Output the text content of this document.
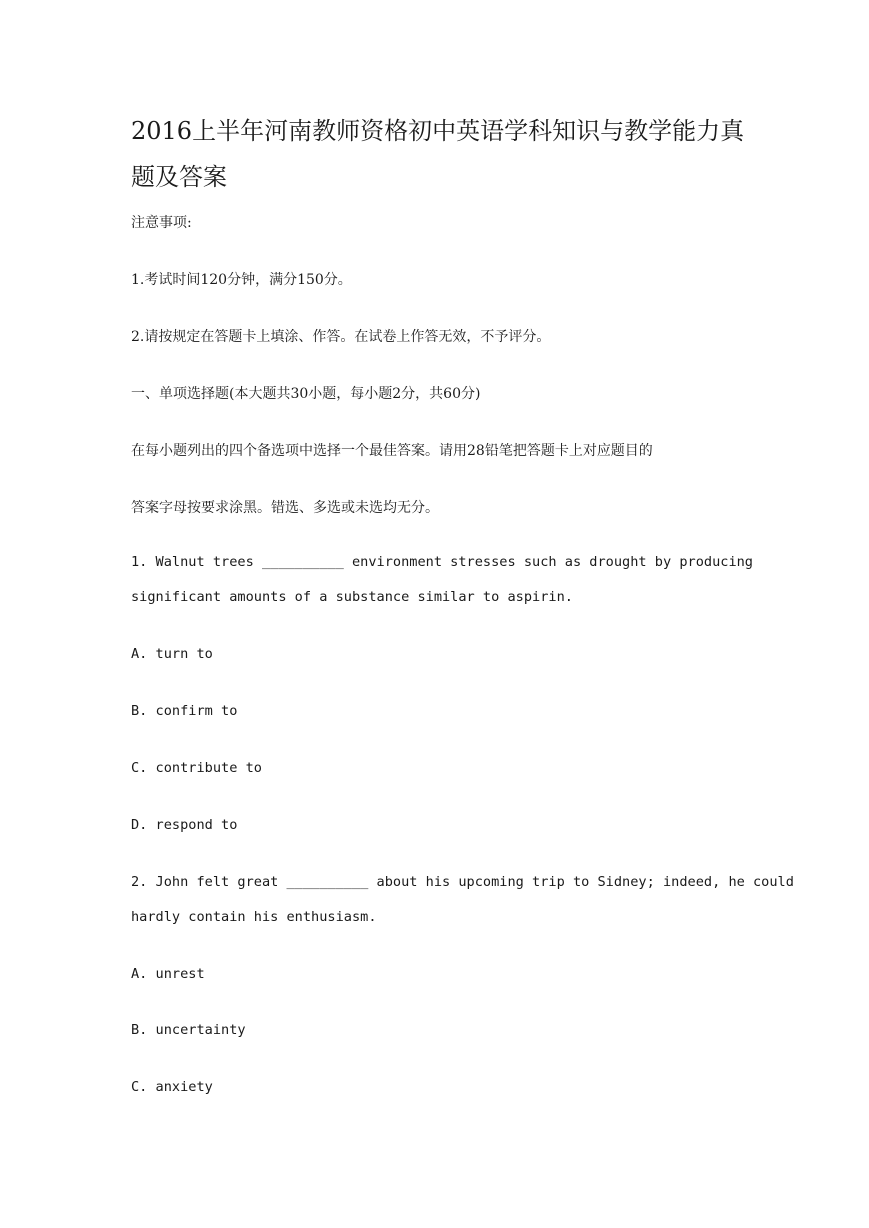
2016上半年河南教师资格初中英语学科知识与教学能力真题及答案
注意事项:
1.考试时间120分钟，满分150分。
2.请按规定在答题卡上填涂、作答。在试卷上作答无效，不予评分。
一、单项选择题(本大题共30小题，每小题2分，共60分)
在每小题列出的四个备选项中选择一个最佳答案。请用28铅笔把答题卡上对应题目的
答案字母按要求涂黑。错选、多选或未选均无分。
1. Walnut trees __________ environment stresses such as drought by producing
significant amounts of a substance similar to aspirin.
A. turn to
B. confirm to
C. contribute to
D. respond to
2. John felt great __________ about his upcoming trip to Sidney; indeed, he could
hardly contain his enthusiasm.
A. unrest
B. uncertainty
C. anxiety
